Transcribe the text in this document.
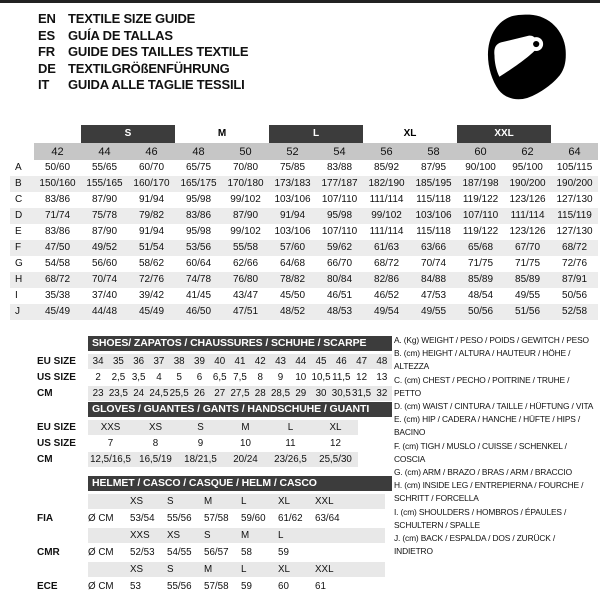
EN TEXTILE SIZE GUIDE
ES	GUÍA DE TALLAS
FR	GUIDE DES TAILLES TEXTILE
DE TEXTILGRÖßENFÜHRUNG
IT	GUIDA ALLE TAGLIE TESSILI
		S		M		L		XL		XXL		
	42	44	46	48	50	52	54	56	58	60	62	64
A	50/60	55/65	60/70	65/75	70/80	75/85	83/88	85/92	87/95	90/100	95/100	105/115
B	150/160	155/165	160/170	165/175	170/180	173/183	177/187	182/190	185/195	187/198	190/200	190/200
C	83/86	87/90	91/94	95/98	99/102	103/106	107/110	111/114	115/118	119/122	123/126	127/130
D	71/74	75/78	79/82	83/86	87/90	91/94	95/98	99/102	103/106	107/110	111/114	115/119
E	83/86	87/90	91/94	95/98	99/102	103/106	107/110	111/114	115/118	119/122	123/126	127/130
F	47/50	49/52	51/54	53/56	55/58	57/60	59/62	61/63	63/66	65/68	67/70	68/72
G	54/58	56/60	58/62	60/64	62/66	64/68	66/70	68/72	70/74	71/75	71/75	72/76
H	68/72	70/74	72/76	74/78	76/80	78/82	80/84	82/86	84/88	85/89	85/89	87/91
I	35/38	37/40	39/42	41/45	43/47	45/50	46/51	46/52	47/53	48/54	49/55	50/56
J	45/49	44/48	45/49	46/50	47/51	48/52	48/53	49/54	49/55	50/56	51/56	52/58
SHOES/ ZAPATOS / CHAUSSURES / SCHUHE / SCARPE
EU SIZE	34 35 36 37 38 39 40 41 42 43 44 45 46 47 48
US SIZE	2	2,5 3,5	4	5	6	6,5 7,5	8	9	10 10,5 11,5 12 13
CM	23 23,5 24 24,5 25,5 26 27 27,5 28 28,5 29 30 30,5 31,5 32
GLOVES / GUANTES / GANTS / HANDSCHUHE / GUANTI
EU SIZE	XXS	XS	S	M	L	XL
US SIZE	7	8	9	10	11	12
CM	12,5/16,5 16,5/19	18/21,5	20/24	23/26,5	25,5/30
HELMET / CASCO / CASQUE / HELM / CASCO
XS	S	M	L	XL	XXL
FIA	Ø CM	53/54	55/56	57/58	59/60	61/62	63/64
XXS	XS	S	M	L
CMR	Ø CM	52/53	54/55	56/57	58	59
XS	S	M	L	XL	XXL
ECE	Ø CM	53	55/56	57/58	59	60	61
A. (Kg) WEIGHT / PESO / POIDS / GEWITCH / PESO
B. (cm) HEIGHT / ALTURA / HAUTEUR / HÖHE / ALTEZZA
C. (cm) CHEST / PECHO / POITRINE / TRUHE / PETTO
D. (cm) WAIST / CINTURA / TAILLE / HÜFTUNG / VITA
E. (cm) HIP / CADERA / HANCHE / HÜFTE / HIPS / BACINO
F. (cm) TIGH / MUSLO / CUISSE / SCHENKEL / COSCIA
G. (cm) ARM / BRAZO / BRAS / ARM / BRACCIO
H. (cm) INSIDE LEG / ENTREPIERNA / FOURCHE / SCHRITT / FORCELLA
I. (cm) SHOULDERS / HOMBROS / ÉPAULES / SCHULTERN / SPALLE
J. (cm) BACK / ESPALDA / DOS / ZURÜCK / INDIETRO
